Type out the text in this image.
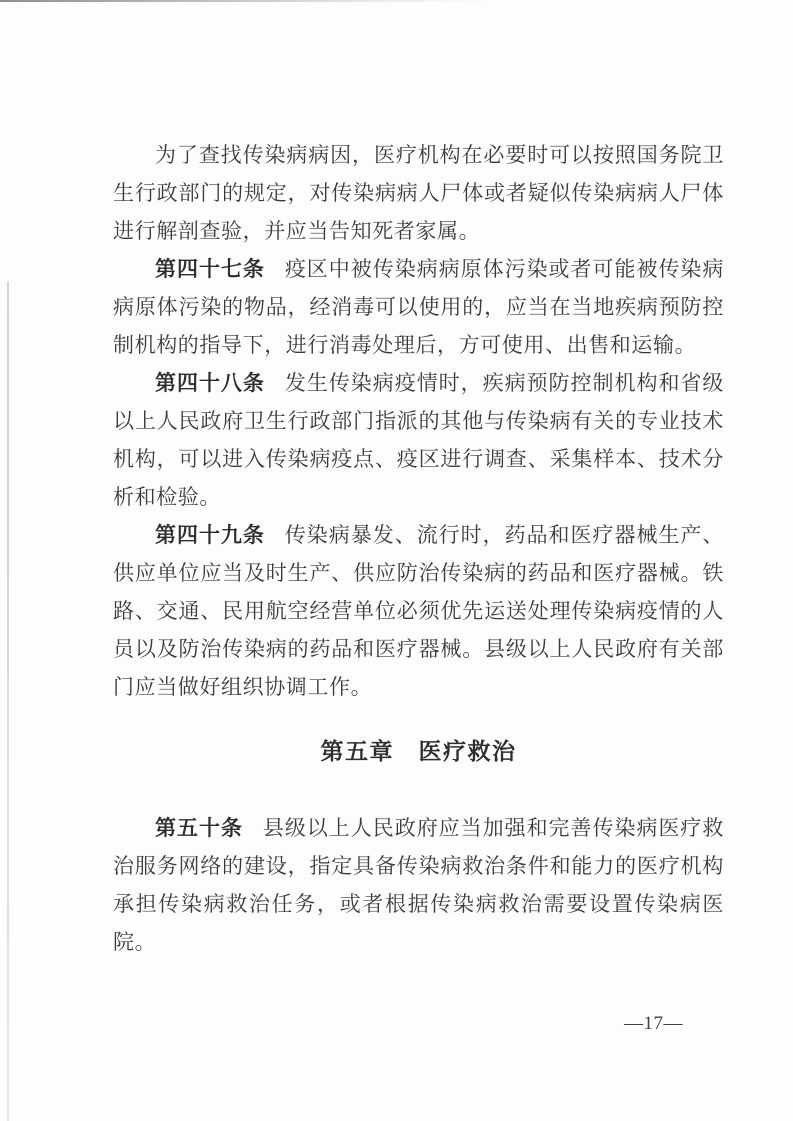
为了查找传染病病因，医疗机构在必要时可以按照国务院卫生行政部门的规定，对传染病病人尸体或者疑似传染病病人尸体进行解剖查验，并应当告知死者家属。

第四十七条 疫区中被传染病病原体污染或者可能被传染病病原体污染的物品，经消毒可以使用的，应当在当地疾病预防控制机构的指导下，进行消毒处理后，方可使用、出售和运输。

第四十八条 发生传染病疫情时，疾病预防控制机构和省级以上人民政府卫生行政部门指派的其他与传染病有关的专业技术机构，可以进入传染病疫点、疫区进行调查、采集样本、技术分析和检验。

第四十九条 传染病暴发、流行时，药品和医疗器械生产、供应单位应当及时生产、供应防治传染病的药品和医疗器械。铁路、交通、民用航空经营单位必须优先运送处理传染病疫情的人员以及防治传染病的药品和医疗器械。县级以上人民政府有关部门应当做好组织协调工作。

第五章　医疗救治

第五十条 县级以上人民政府应当加强和完善传染病医疗救治服务网络的建设，指定具备传染病救治条件和能力的医疗机构承担传染病救治任务，或者根据传染病救治需要设置传染病医院。

—17—
